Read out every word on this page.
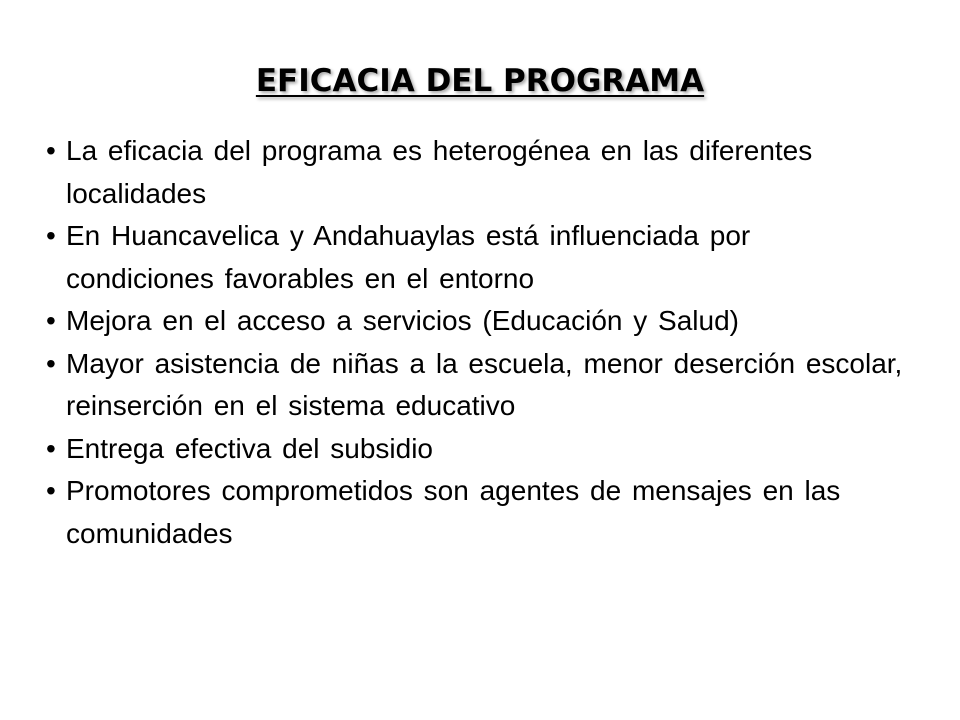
EFICACIA DEL PROGRAMA
• La eficacia del programa es heterogénea en las diferentes localidades
• En Huancavelica y Andahuaylas está influenciada por condiciones favorables en el entorno
• Mejora en el acceso a servicios (Educación y Salud)
• Mayor asistencia de niñas a la escuela, menor deserción escolar, reinserción en el sistema educativo
• Entrega efectiva del subsidio
• Promotores comprometidos son agentes de mensajes en las comunidades
